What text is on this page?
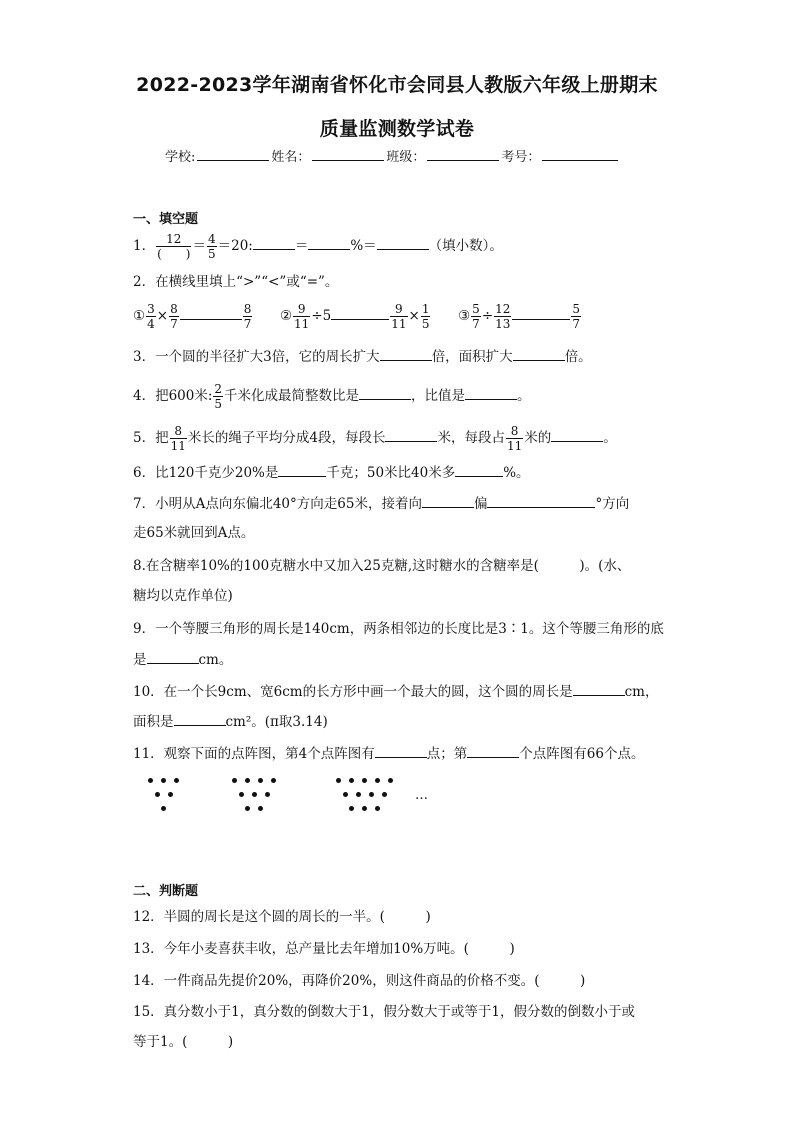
2022-2023学年湖南省怀化市会同县人教版六年级上册期末
质量监测数学试卷
学校:	姓名：	班级：	考号：
一、填空题
1． $\frac{12}{( )} = \frac{4}{5} =20$:	＝	%＝	（填小数）。
2．在横线里填上“>”“<”或“=”。
① $\frac{3}{4} \times \frac{8}{7}$	$\frac{8}{7}$ ② $\frac{9}{11} \div 5$	$\frac{9}{11} \times \frac{1}{5}$ ③ $\frac{5}{7} \div \frac{12}{13}$	$\frac{5}{7}$
3．一个圆的半径扩大3倍，它的周长扩大	倍，面积扩大	倍。
4．把600米: $\frac{2}{5}$ 千米化成最简整数比是	，比值是	。
5．把 $\frac{8}{11}$ 米长的绳子平均分成4段，每段长	米，每段占 $\frac{8}{11}$ 米的	。
6．比120千克少20%是	千克；50米比40米多	%。
7．小明从A点向东偏北40°方向走65米，接着向	偏	°方向
走65米就回到A点。
8.在含糖率10%的100克糖水中又加入25克糖,这时糖水的含糖率是(　　　)。(水、
糖均以克作单位)
9．一个等腰三角形的周长是140cm，两条相邻边的长度比是3∶1。这个等腰三角形的底
是	cm。
10．在一个长9cm、宽6cm的长方形中画一个最大的圆，这个圆的周长是	cm，
面积是	cm²。(π取3.14)
11．观察下面的点阵图，第4个点阵图有	点；第	个点阵图有66个点。
…
二、判断题
12．半圆的周长是这个圆的周长的一半。(　　　)
13．今年小麦喜获丰收，总产量比去年增加10%万吨。(　　　)
14．一件商品先提价20%，再降价20%，则这件商品的价格不变。(　　　)
15．真分数小于1，真分数的倒数大于1，假分数大于或等于1，假分数的倒数小于或
等于1。(　　　)
